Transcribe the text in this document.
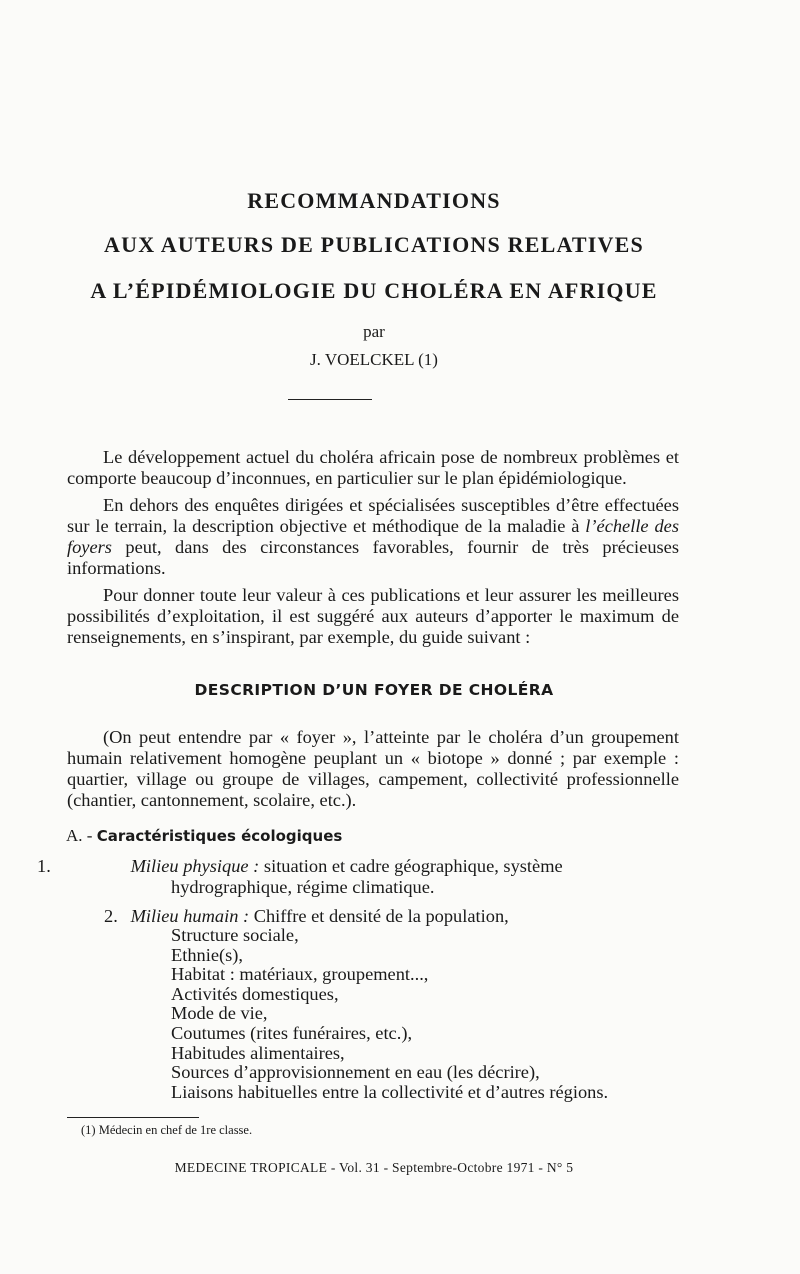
RECOMMANDATIONS
AUX AUTEURS DE PUBLICATIONS RELATIVES
A L’ÉPIDÉMIOLOGIE DU CHOLÉRA EN AFRIQUE
par
J. VOELCKEL (1)

Le développement actuel du choléra africain pose de nombreux problèmes et comporte beaucoup d’inconnues, en particulier sur le plan épidémiologique.

En dehors des enquêtes dirigées et spécialisées susceptibles d’être effectuées sur le terrain, la description objective et méthodique de la maladie à l’échelle des foyers peut, dans des circonstances favorables, fournir de très précieuses informations.

Pour donner toute leur valeur à ces publications et leur assurer les meilleures possibilités d’exploitation, il est suggéré aux auteurs d’apporter le maximum de renseignements, en s’inspirant, par exemple, du guide suivant :

DESCRIPTION D’UN FOYER DE CHOLÉRA

(On peut entendre par « foyer », l’atteinte par le choléra d’un groupement humain relativement homogène peuplant un « biotope » donné ; par exemple : quartier, village ou groupe de villages, campement, collectivité professionnelle (chantier, cantonnement, scolaire, etc.).

A. - Caractéristiques écologiques
1.	Milieu physique : situation et cadre géographique, système hydrographique, régime climatique.
2. Milieu humain : Chiffre et densité de la population,
Structure sociale,
Ethnie(s),
Habitat : matériaux, groupement...,
Activités domestiques,
Mode de vie,
Coutumes (rites funéraires, etc.),
Habitudes alimentaires,
Sources d’approvisionnement en eau (les décrire),
Liaisons habituelles entre la collectivité et d’autres régions.
(1) Médecin en chef de 1re classe.
MEDECINE TROPICALE - Vol. 31 - Septembre-Octobre 1971 - N° 5
